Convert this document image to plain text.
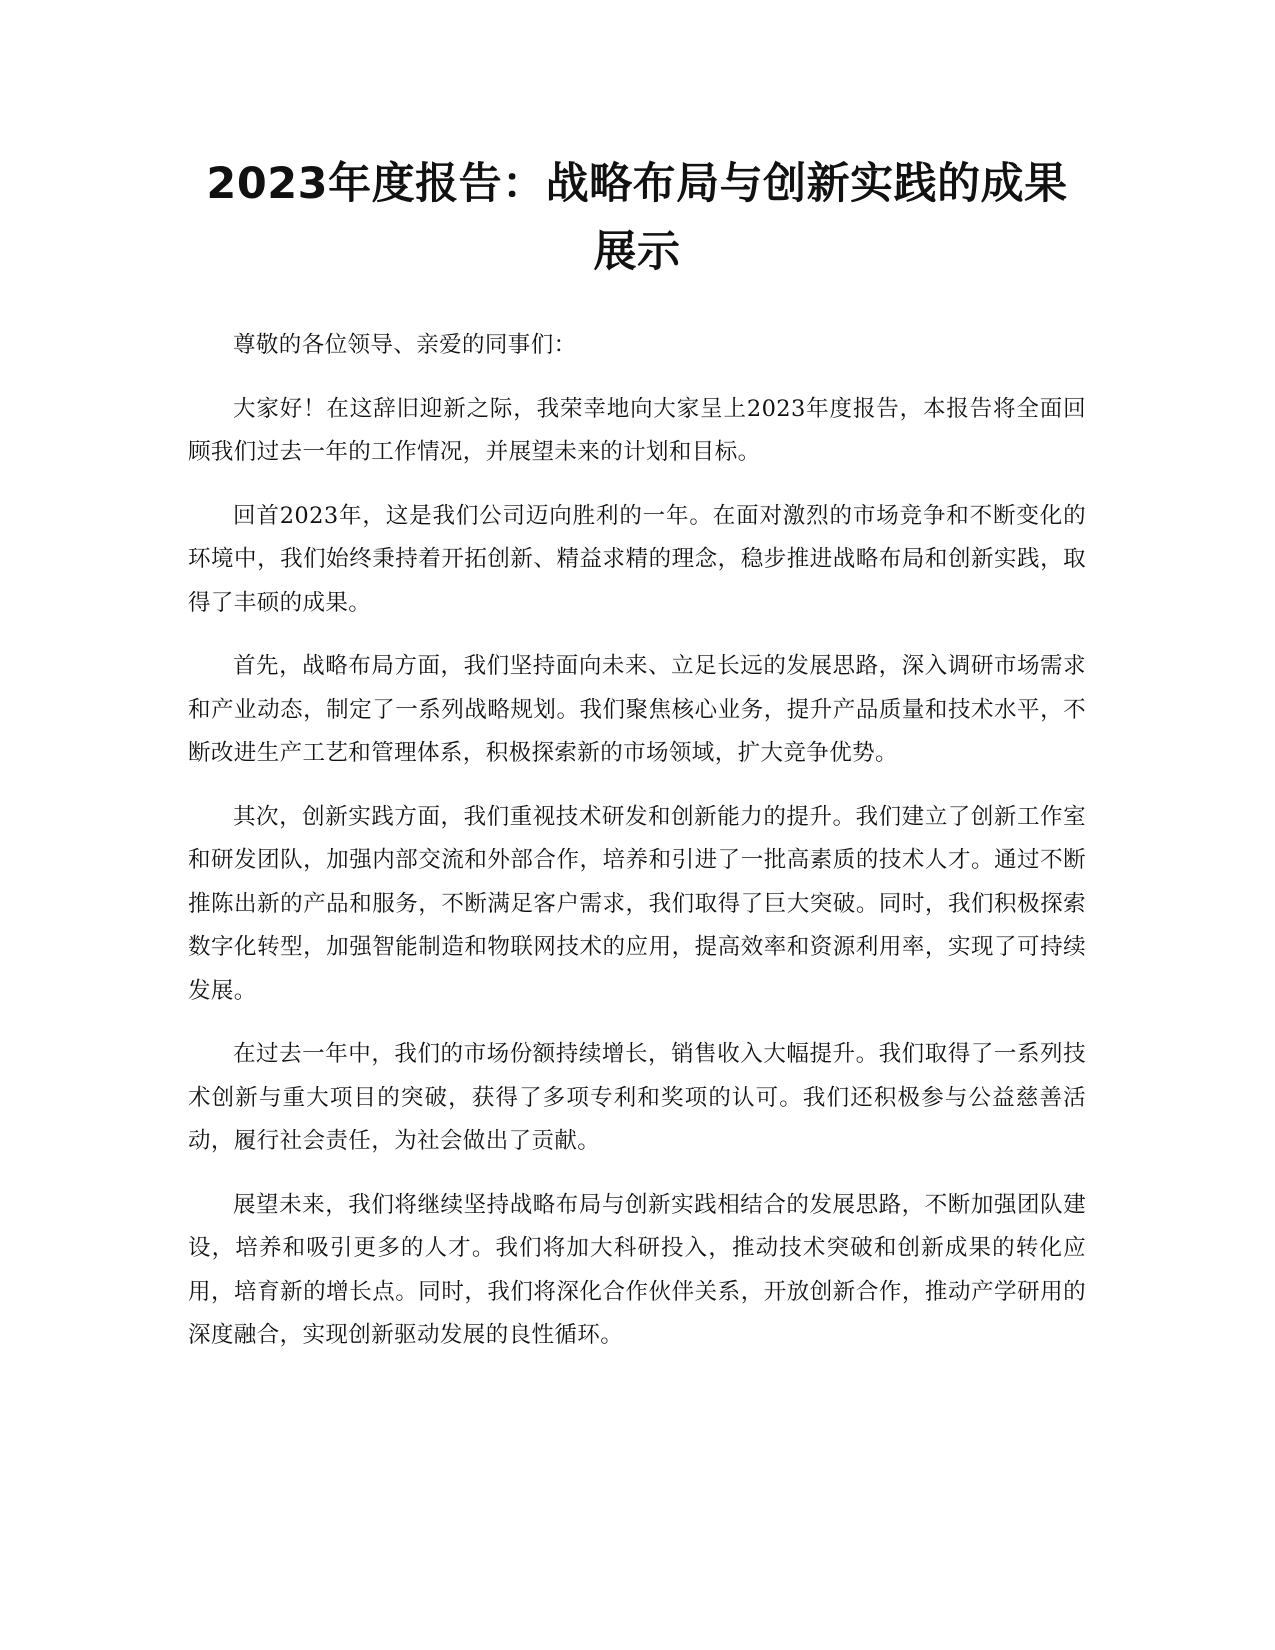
2023年度报告：战略布局与创新实践的成果展示

尊敬的各位领导、亲爱的同事们：

大家好！在这辞旧迎新之际，我荣幸地向大家呈上2023年度报告，本报告将全面回顾我们过去一年的工作情况，并展望未来的计划和目标。

回首2023年，这是我们公司迈向胜利的一年。在面对激烈的市场竞争和不断变化的环境中，我们始终秉持着开拓创新、精益求精的理念，稳步推进战略布局和创新实践，取得了丰硕的成果。

首先，战略布局方面，我们坚持面向未来、立足长远的发展思路，深入调研市场需求和产业动态，制定了一系列战略规划。我们聚焦核心业务，提升产品质量和技术水平，不断改进生产工艺和管理体系，积极探索新的市场领域，扩大竞争优势。

其次，创新实践方面，我们重视技术研发和创新能力的提升。我们建立了创新工作室和研发团队，加强内部交流和外部合作，培养和引进了一批高素质的技术人才。通过不断推陈出新的产品和服务，不断满足客户需求，我们取得了巨大突破。同时，我们积极探索数字化转型，加强智能制造和物联网技术的应用，提高效率和资源利用率，实现了可持续发展。

在过去一年中，我们的市场份额持续增长，销售收入大幅提升。我们取得了一系列技术创新与重大项目的突破，获得了多项专利和奖项的认可。我们还积极参与公益慈善活动，履行社会责任，为社会做出了贡献。

展望未来，我们将继续坚持战略布局与创新实践相结合的发展思路，不断加强团队建设，培养和吸引更多的人才。我们将加大科研投入，推动技术突破和创新成果的转化应用，培育新的增长点。同时，我们将深化合作伙伴关系，开放创新合作，推动产学研用的深度融合，实现创新驱动发展的良性循环。
